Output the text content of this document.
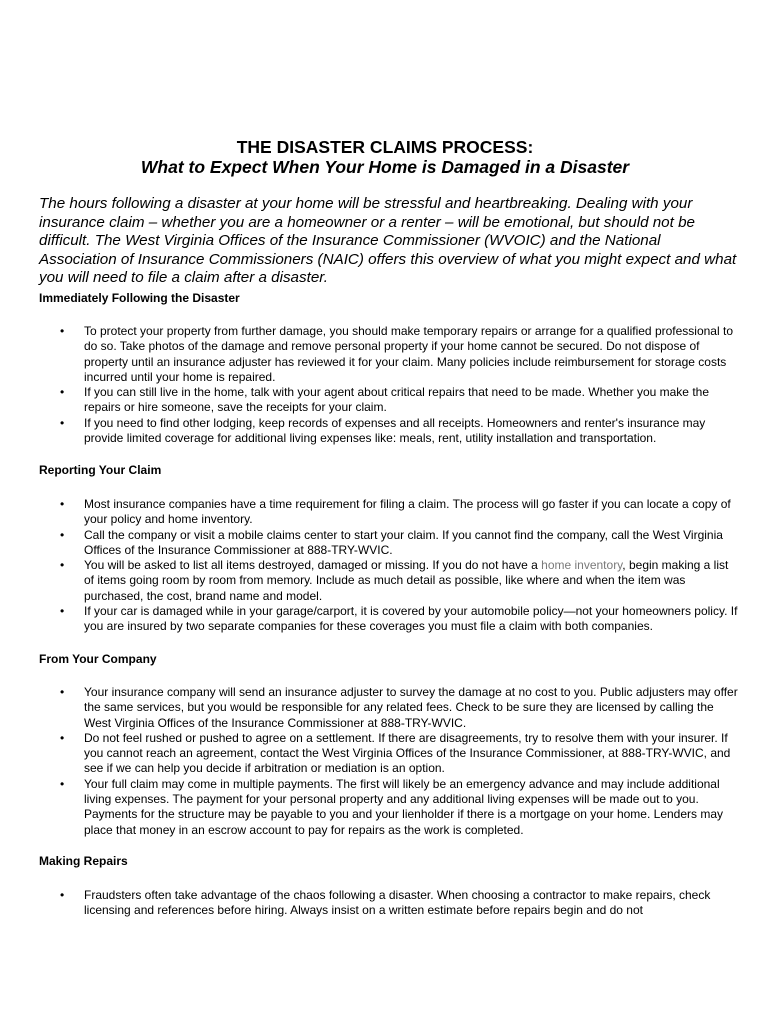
THE DISASTER CLAIMS PROCESS:
What to Expect When Your Home is Damaged in a Disaster
The hours following a disaster at your home will be stressful and heartbreaking. Dealing with your insurance claim – whether you are a homeowner or a renter – will be emotional, but should not be difficult. The West Virginia Offices of the Insurance Commissioner (WVOIC) and the National Association of Insurance Commissioners (NAIC) offers this overview of what you might expect and what you will need to file a claim after a disaster.
Immediately Following the Disaster
• To protect your property from further damage, you should make temporary repairs or arrange for a qualified professional to do so. Take photos of the damage and remove personal property if your home cannot be secured. Do not dispose of property until an insurance adjuster has reviewed it for your claim. Many policies include reimbursement for storage costs incurred until your home is repaired.
• If you can still live in the home, talk with your agent about critical repairs that need to be made. Whether you make the repairs or hire someone, save the receipts for your claim.
• If you need to find other lodging, keep records of expenses and all receipts. Homeowners and renter's insurance may provide limited coverage for additional living expenses like: meals, rent, utility installation and transportation.
Reporting Your Claim
• Most insurance companies have a time requirement for filing a claim. The process will go faster if you can locate a copy of your policy and home inventory.
• Call the company or visit a mobile claims center to start your claim. If you cannot find the company, call the West Virginia Offices of the Insurance Commissioner at 888-TRY-WVIC.
• You will be asked to list all items destroyed, damaged or missing. If you do not have a home inventory, begin making a list of items going room by room from memory. Include as much detail as possible, like where and when the item was purchased, the cost, brand name and model.
• If your car is damaged while in your garage/carport, it is covered by your automobile policy—not your homeowners policy. If you are insured by two separate companies for these coverages you must file a claim with both companies.
From Your Company
• Your insurance company will send an insurance adjuster to survey the damage at no cost to you. Public adjusters may offer the same services, but you would be responsible for any related fees. Check to be sure they are licensed by calling the West Virginia Offices of the Insurance Commissioner at 888-TRY-WVIC.
• Do not feel rushed or pushed to agree on a settlement. If there are disagreements, try to resolve them with your insurer. If you cannot reach an agreement, contact the West Virginia Offices of the Insurance Commissioner, at 888-TRY-WVIC, and see if we can help you decide if arbitration or mediation is an option.
• Your full claim may come in multiple payments. The first will likely be an emergency advance and may include additional living expenses. The payment for your personal property and any additional living expenses will be made out to you. Payments for the structure may be payable to you and your lienholder if there is a mortgage on your home. Lenders may place that money in an escrow account to pay for repairs as the work is completed.
Making Repairs
• Fraudsters often take advantage of the chaos following a disaster. When choosing a contractor to make repairs, check licensing and references before hiring. Always insist on a written estimate before repairs begin and do not
